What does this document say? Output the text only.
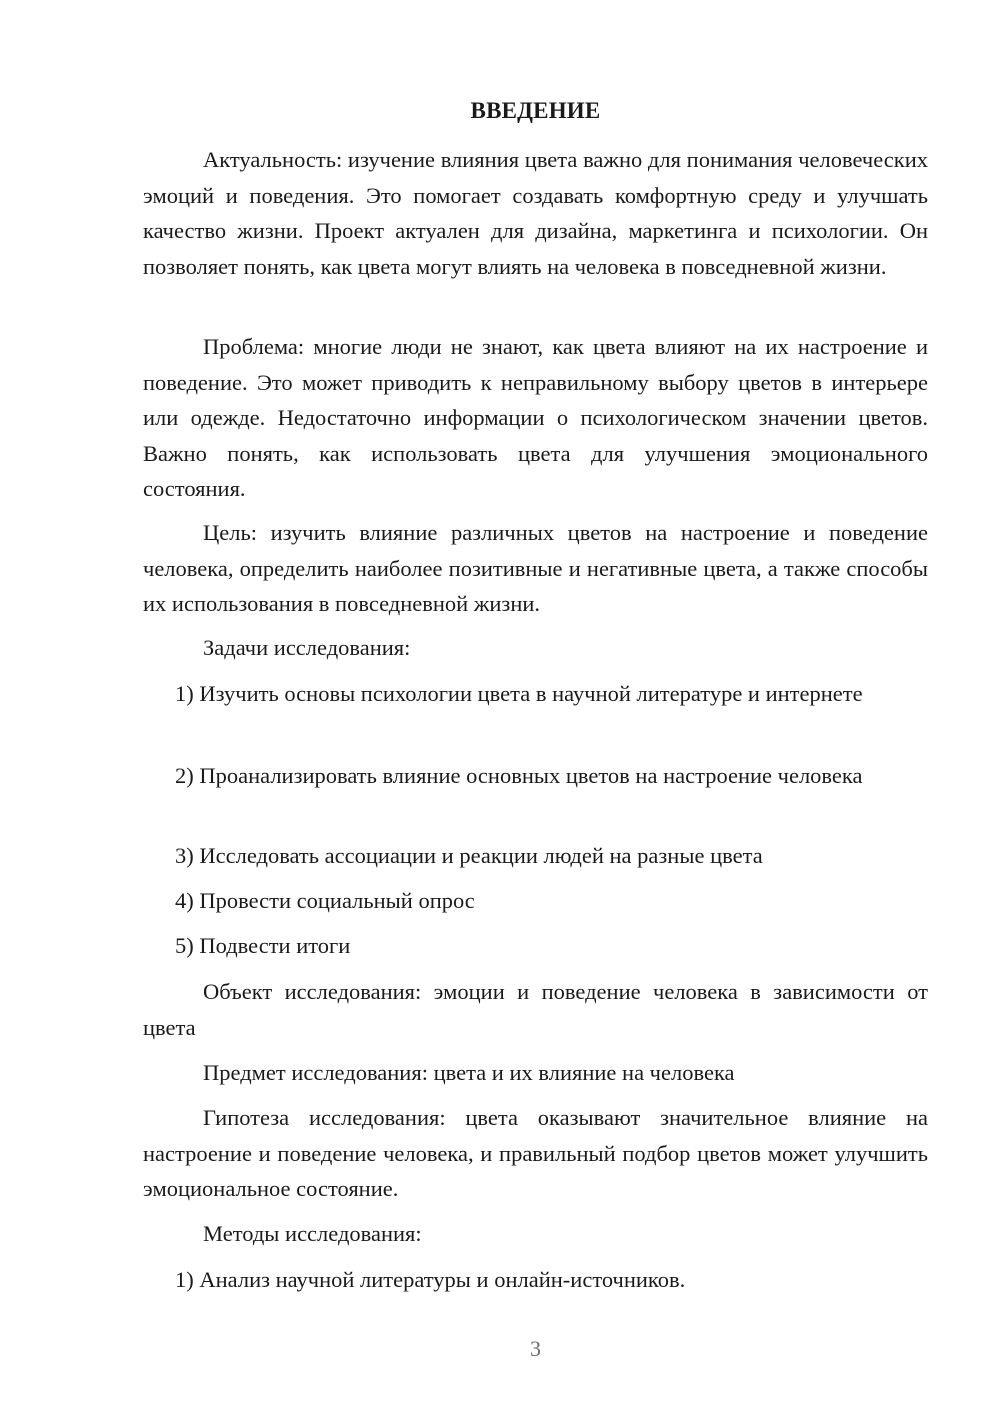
ВВЕДЕНИЕ

Актуальность: изучение влияния цвета важно для понимания человеческих эмоций и поведения. Это помогает создавать комфортную среду и улучшать качество жизни. Проект актуален для дизайна, маркетинга и психологии. Он позволяет понять, как цвета могут влиять на человека в повседневной жизни.

Проблема: многие люди не знают, как цвета влияют на их настроение и поведение. Это может приводить к неправильному выбору цветов в интерьере или одежде. Недостаточно информации о психологическом значении цветов. Важно понять, как использовать цвета для улучшения эмоционального состояния.

Цель: изучить влияние различных цветов на настроение и поведение человека, определить наиболее позитивные и негативные цвета, а также способы их использования в повседневной жизни.

Задачи исследования:

1) Изучить основы психологии цвета в научной литературе и интернете

2) Проанализировать влияние основных цветов на настроение человека

3) Исследовать ассоциации и реакции людей на разные цвета

4) Провести социальный опрос

5) Подвести итоги

Объект исследования: эмоции и поведение человека в зависимости от цвета

Предмет исследования: цвета и их влияние на человека

Гипотеза исследования: цвета оказывают значительное влияние на настроение и поведение человека, и правильный подбор цветов может улучшить эмоциональное состояние.

Методы исследования:

1) Анализ научной литературы и онлайн-источников.

3
